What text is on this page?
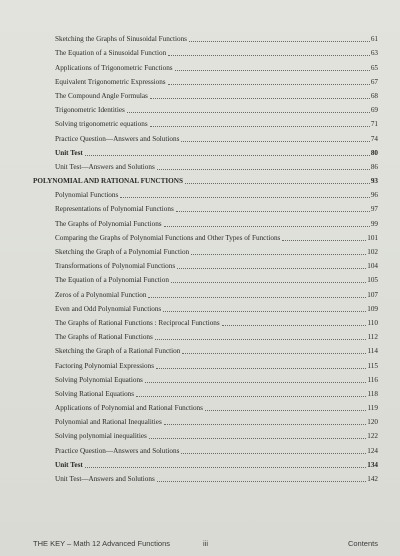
Sketching the Graphs of Sinusoidal Functions	61
The Equation of a Sinusoidal Function	63
Applications of Trigonometric Functions	65
Equivalent Trigonometric Expressions	67
The Compound Angle Formulas	68
Trigonometric Identities	69
Solving trigonometric equations	71
Practice Question—Answers and Solutions	74
Unit Test	80
Unit Test—Answers and Solutions	86
POLYNOMIAL AND RATIONAL FUNCTIONS	93
Polynomial Functions	96
Representations of Polynomial Functions	97
The Graphs of Polynomial Functions	99
Comparing the Graphs of Polynomial Functions and Other Types of Functions	101
Sketching the Graph of a Polynomial Function	102
Transformations of Polynomial Functions	104
The Equation of a Polynomial Function	105
Zeros of a Polynomial Function	107
Even and Odd Polynomial Functions	109
The Graphs of Rational Functions : Reciprocal Functions	110
The Graphs of Rational Functions	112
Sketching the Graph of a Rational Function	114
Factoring Polynomial Expressions	115
Solving Polynomial Equations	116
Solving Rational Equations	118
Applications of Polynomial and Rational Functions	119
Polynomial and Rational Inequalities	120
Solving polynomial inequalities	122
Practice Question—Answers and Solutions	124
Unit Test	134
Unit Test—Answers and Solutions	142
THE KEY – Math 12 Advanced Functions	iii	Contents
